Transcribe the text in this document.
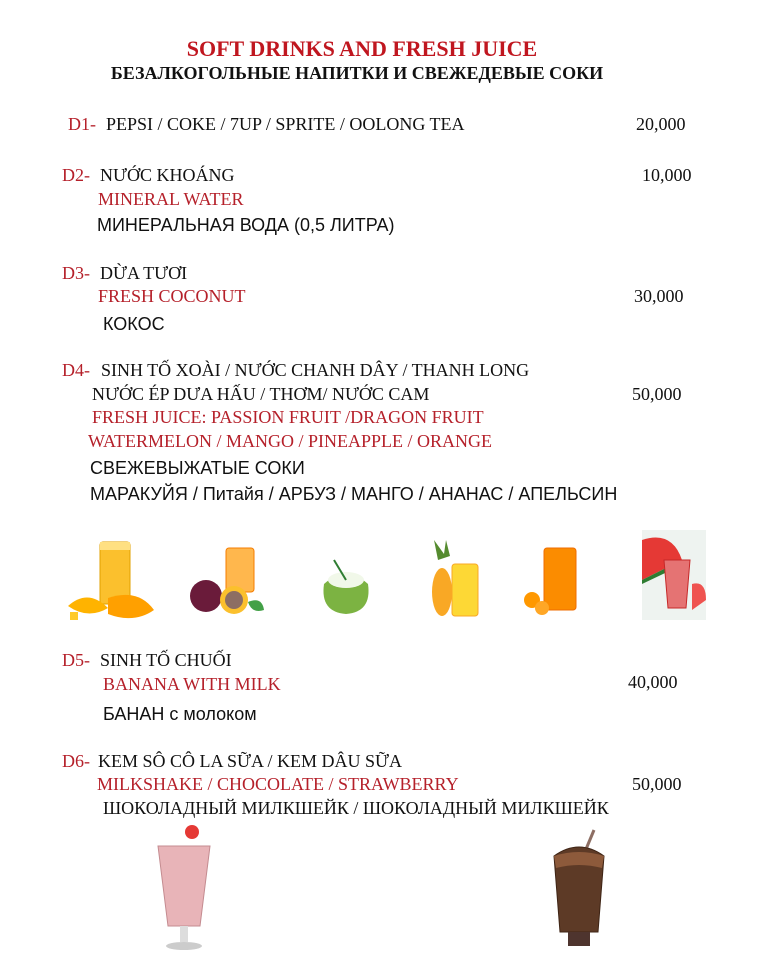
SOFT DRINKS AND FRESH JUICE
БЕЗАЛКОГОЛЬНЫЕ НАПИТКИ И СВЕЖЕДЕВЫЕ СОКИ
D1- PEPSI / COKE / 7UP / SPRITE / OOLONG TEA	20,000
D2- NƯỚC KHOÁNG	10,000
MINERAL WATER
МИНЕРАЛЬНАЯ ВОДА (0,5 ЛИТРА)
D3- DỪA TƯƠI
FRESH COCONUT	30,000
КОКОС
D4- SINH TỐ XOÀI / NƯỚC CHANH DÂY / THANH LONG
NƯỚC ÉP DƯA HẤU / THƠM/ NƯỚC CAM	50,000
FRESH JUICE: PASSION FRUIT /DRAGON FRUIT
WATERMELON / MANGO / PINEAPPLE / ORANGE
СВЕЖЕВЫЖАТЫЕ СОКИ
МАРАКУЙЯ / Питайя / АРБУЗ / МАНГО / АНАНАС / АПЕЛЬСИН
D5- SINH TỐ CHUỐI
BANANA WITH MILK	40,000
БАНАН с молоком
D6- KEM SÔ CÔ LA SỮA / KEM DÂU SỮA
MILKSHAKE / CHOCOLATE / STRAWBERRY	50,000
ШОКОЛАДНЫЙ МИЛКШЕЙК / ШОКОЛАДНЫЙ МИЛКШЕЙК
